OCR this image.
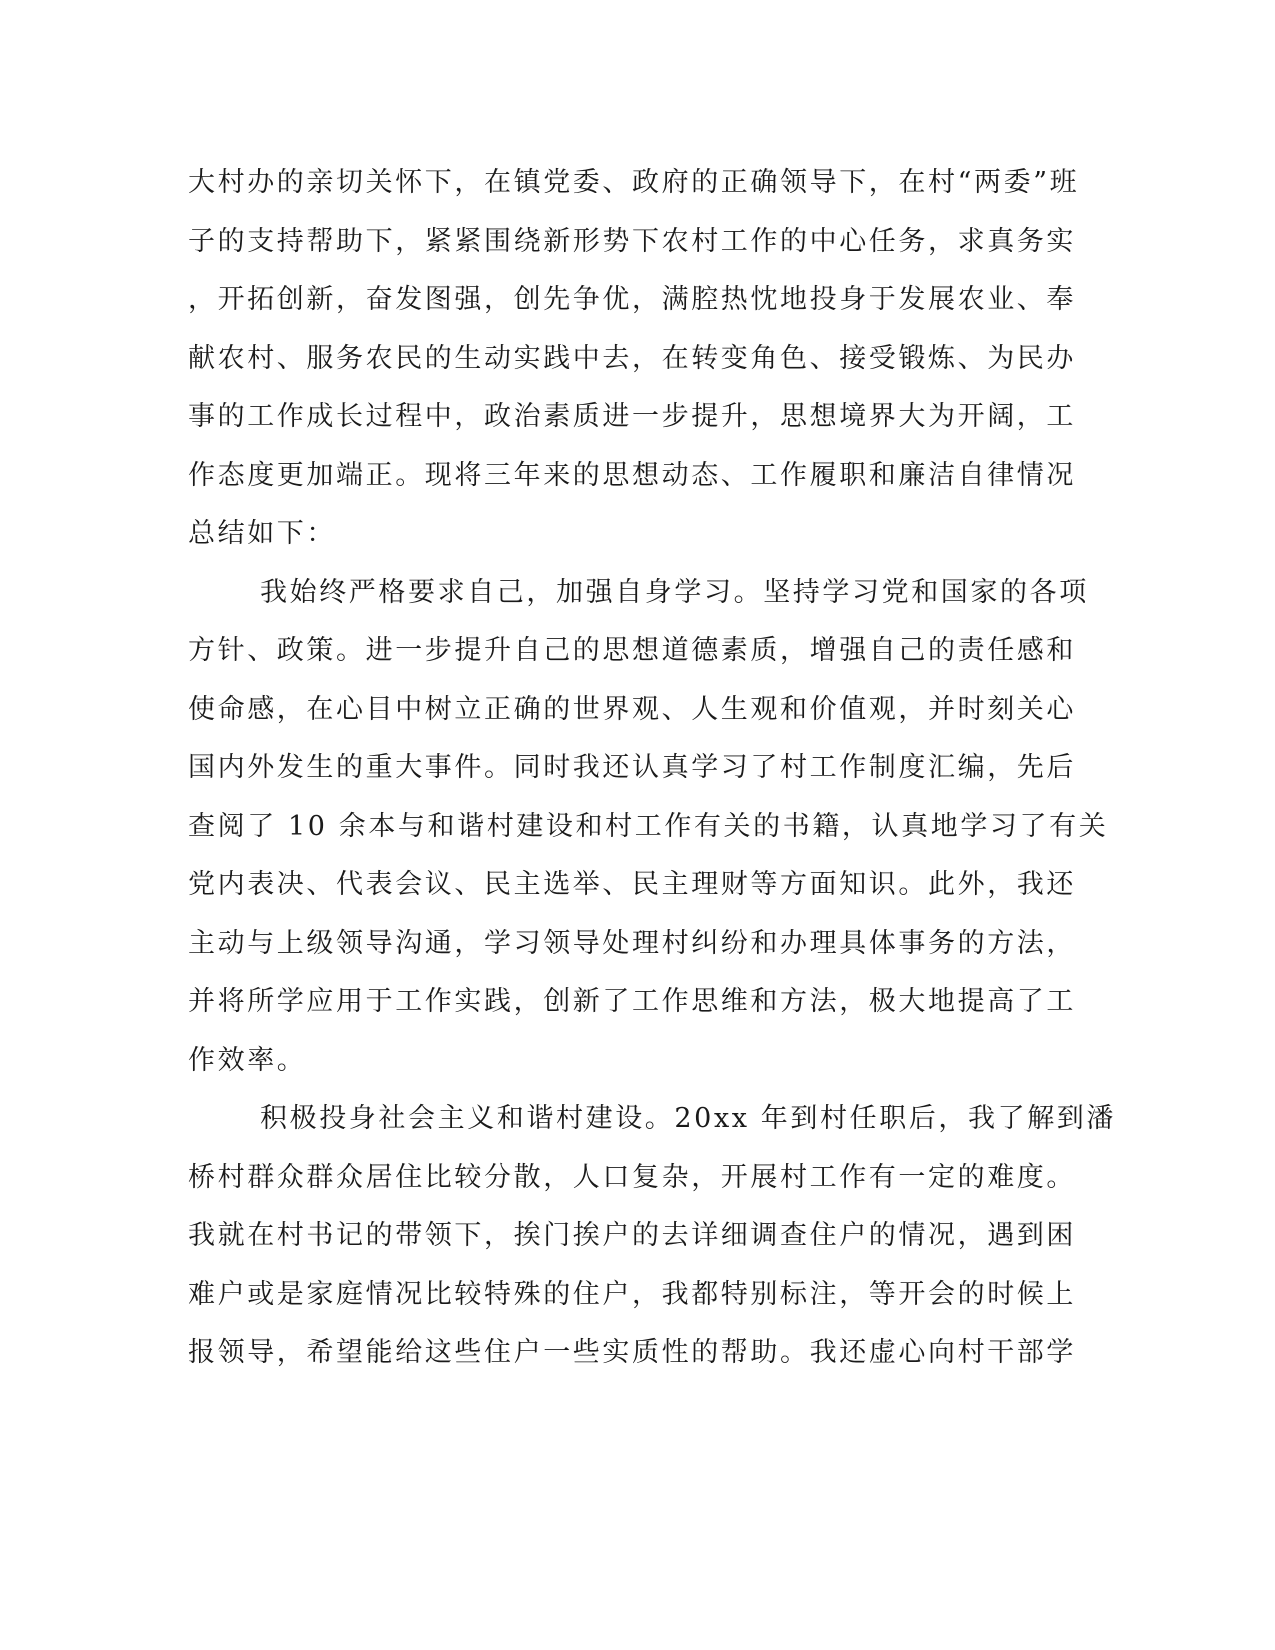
大村办的亲切关怀下，在镇党委、政府的正确领导下，在村“两委”班
子的支持帮助下，紧紧围绕新形势下农村工作的中心任务，求真务实
，开拓创新，奋发图强，创先争优，满腔热忱地投身于发展农业、奉
献农村、服务农民的生动实践中去，在转变角色、接受锻炼、为民办
事的工作成长过程中，政治素质进一步提升，思想境界大为开阔，工
作态度更加端正。现将三年来的思想动态、工作履职和廉洁自律情况
总结如下：
我始终严格要求自己，加强自身学习。坚持学习党和国家的各项
方针、政策。进一步提升自己的思想道德素质，增强自己的责任感和
使命感，在心目中树立正确的世界观、人生观和价值观，并时刻关心
国内外发生的重大事件。同时我还认真学习了村工作制度汇编，先后
查阅了 10 余本与和谐村建设和村工作有关的书籍，认真地学习了有关
党内表决、代表会议、民主选举、民主理财等方面知识。此外，我还
主动与上级领导沟通，学习领导处理村纠纷和办理具体事务的方法，
并将所学应用于工作实践，创新了工作思维和方法，极大地提高了工
作效率。
积极投身社会主义和谐村建设。20xx 年到村任职后，我了解到潘
桥村群众群众居住比较分散，人口复杂，开展村工作有一定的难度。
我就在村书记的带领下，挨门挨户的去详细调查住户的情况，遇到困
难户或是家庭情况比较特殊的住户，我都特别标注，等开会的时候上
报领导，希望能给这些住户一些实质性的帮助。我还虚心向村干部学
